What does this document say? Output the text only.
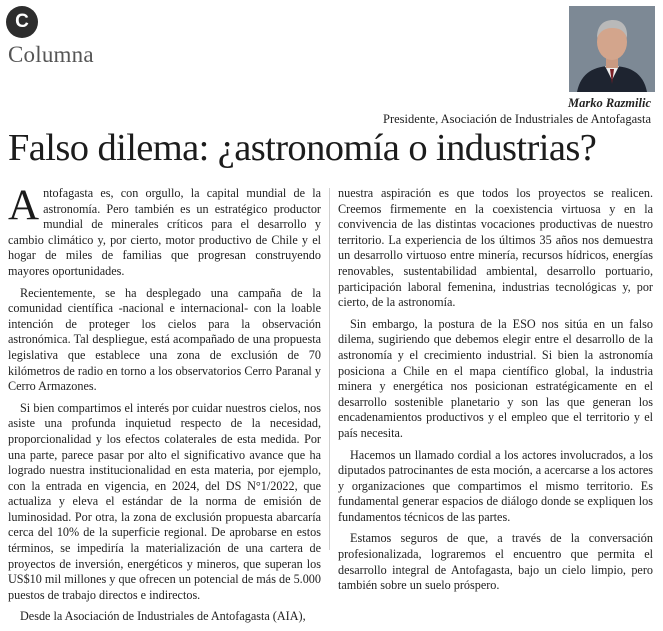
C
Columna
Marko Razmilic
Presidente, Asociación de Industriales de Antofagasta
Falso dilema: ¿astronomía o industrias?

Antofagasta es, con orgullo, la capital mundial de la astronomía. Pero también es un estratégico productor mundial de minerales críticos para el desarrollo y cambio climático y, por cierto, motor productivo de Chile y el hogar de miles de familias que progresan construyendo mayores oportunidades.

Recientemente, se ha desplegado una campaña de la comunidad científica -nacional e internacional- con la loable intención de proteger los cielos para la observación astronómica. Tal despliegue, está acompañado de una propuesta legislativa que establece una zona de exclusión de 70 kilómetros de radio en torno a los observatorios Cerro Paranal y Cerro Armazones.

Si bien compartimos el interés por cuidar nuestros cielos, nos asiste una profunda inquietud respecto de la necesidad, proporcionalidad y los efectos colaterales de esta medida. Por una parte, parece pasar por alto el significativo avance que ha logrado nuestra institucionalidad en esta materia, por ejemplo, con la entrada en vigencia, en 2024, del DS N°1/2022, que actualiza y eleva el estándar de la norma de emisión de luminosidad. Por otra, la zona de exclusión propuesta abarcaría cerca del 10% de la superficie regional. De aprobarse en estos términos, se impediría la materialización de una cartera de proyectos de inversión, energéticos y mineros, que superan los US$10 mil millones y que ofrecen un potencial de más de 5.000 puestos de trabajo directos e indirectos.

Desde la Asociación de Industriales de Antofagasta (AIA),

nuestra aspiración es que todos los proyectos se realicen. Creemos firmemente en la coexistencia virtuosa y en la convivencia de las distintas vocaciones productivas de nuestro territorio. La experiencia de los últimos 35 años nos demuestra un desarrollo virtuoso entre minería, recursos hídricos, energías renovables, sustentabilidad ambiental, desarrollo portuario, participación laboral femenina, industrias tecnológicas y, por cierto, de la astronomía.

Sin embargo, la postura de la ESO nos sitúa en un falso dilema, sugiriendo que debemos elegir entre el desarrollo de la astronomía y el crecimiento industrial. Si bien la astronomía posiciona a Chile en el mapa científico global, la industria minera y energética nos posicionan estratégicamente en el desarrollo sostenible planetario y son las que generan los encadenamientos productivos y el empleo que el territorio y el país necesita.

Hacemos un llamado cordial a los actores involucrados, a los diputados patrocinantes de esta moción, a acercarse a los actores y organizaciones que compartimos el mismo territorio. Es fundamental generar espacios de diálogo donde se expliquen los fundamentos técnicos de las partes.

Estamos seguros de que, a través de la conversación profesionalizada, lograremos el encuentro que permita el desarrollo integral de Antofagasta, bajo un cielo limpio, pero también sobre un suelo próspero.
